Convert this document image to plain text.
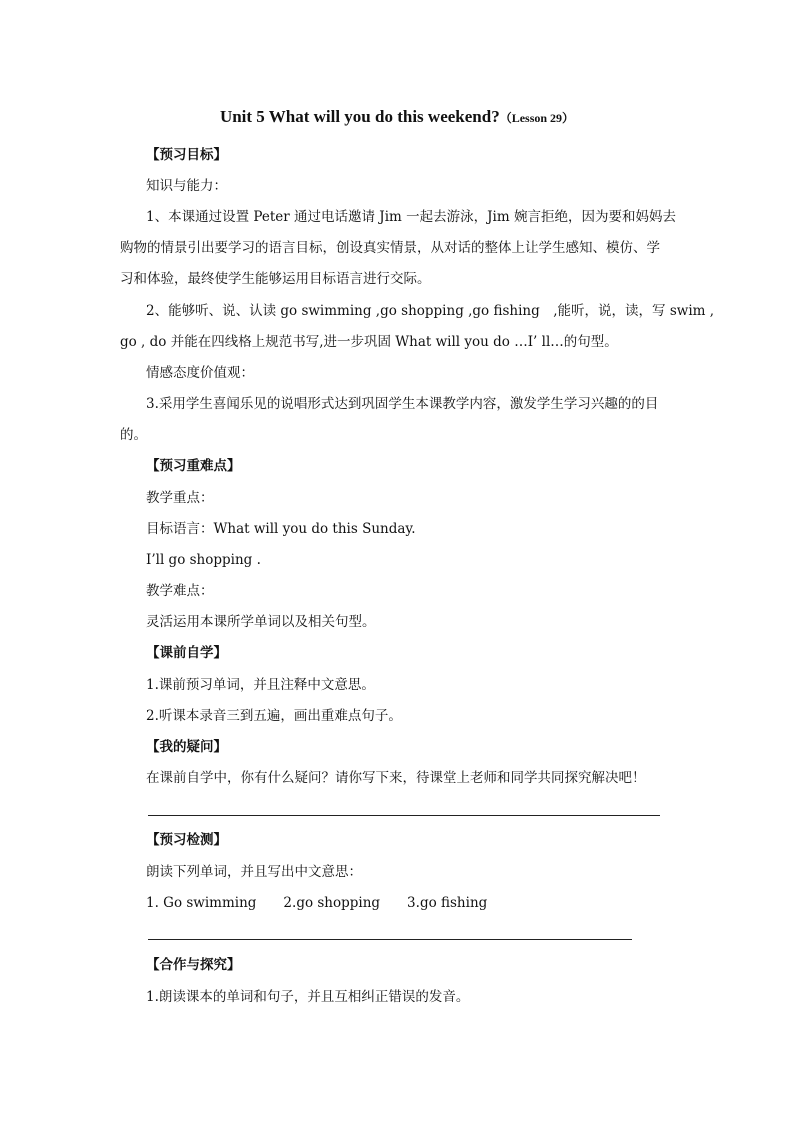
Unit 5 What will you do this weekend?（Lesson 29）
【预习目标】
知识与能力：
1、本课通过设置 Peter 通过电话邀请 Jim 一起去游泳，Jim 婉言拒绝，因为要和妈妈去
购物的情景引出要学习的语言目标，创设真实情景，从对话的整体上让学生感知、模仿、学
习和体验，最终使学生能够运用目标语言进行交际。
2、能够听、说、认读 go swimming ,go shopping ,go fishing　,能听，说，读，写 swim ,
go , do 并能在四线格上规范书写,进一步巩固 What will you do …I’ ll…的句型。
情感态度价值观：
3.采用学生喜闻乐见的说唱形式达到巩固学生本课教学内容，激发学生学习兴趣的的目
的。
【预习重难点】
教学重点：
目标语言：What will you do this Sunday.
I’ll go shopping .
教学难点：
灵活运用本课所学单词以及相关句型。
【课前自学】
1.课前预习单词，并且注释中文意思。
2.听课本录音三到五遍，画出重难点句子。
【我的疑问】
在课前自学中，你有什么疑问？请你写下来，待课堂上老师和同学共同探究解决吧！
【预习检测】
朗读下列单词，并且写出中文意思：
1. Go swimming　　2.go shopping　　3.go fishing
【合作与探究】
1.朗读课本的单词和句子，并且互相纠正错误的发音。
